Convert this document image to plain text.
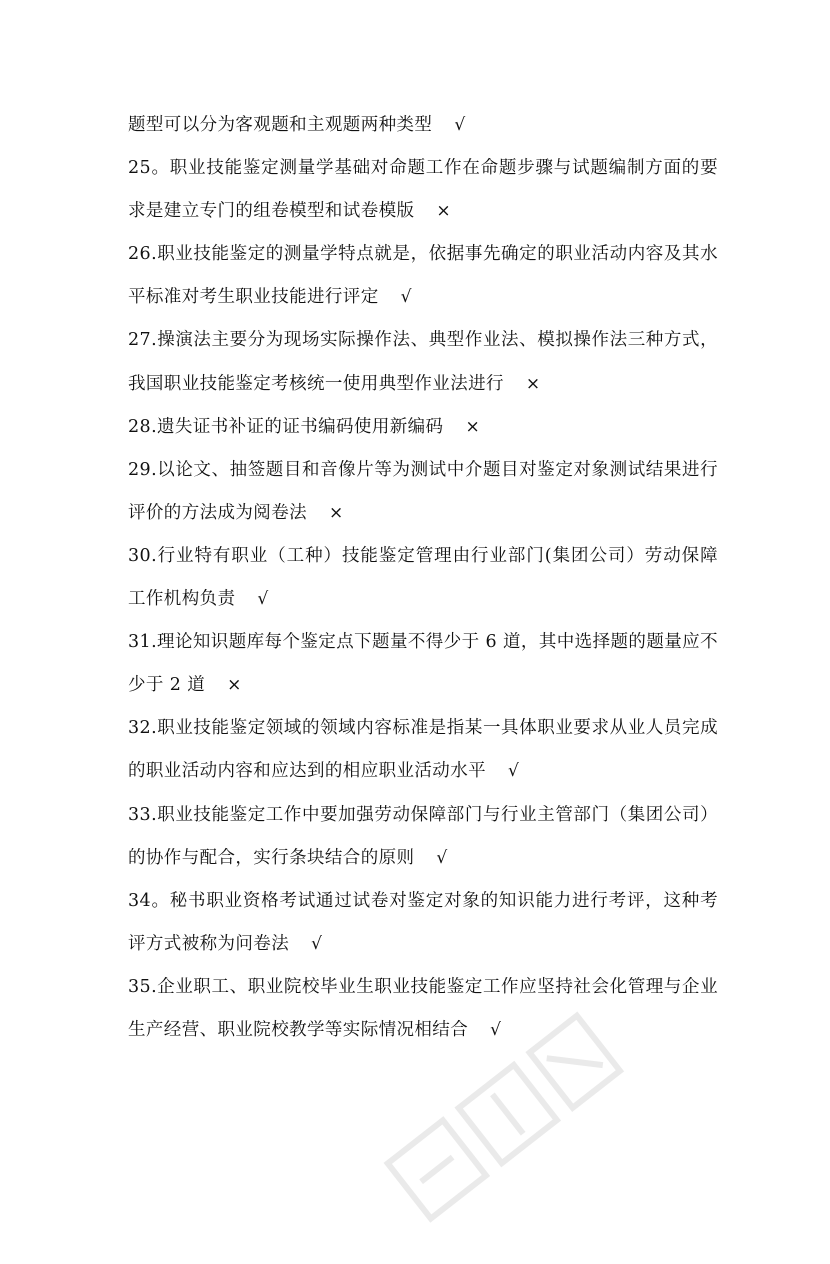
题型可以分为客观题和主观题两种类型 √

25。职业技能鉴定测量学基础对命题工作在命题步骤与试题编制方面的要求是建立专门的组卷模型和试卷模版 ×

26.职业技能鉴定的测量学特点就是，依据事先确定的职业活动内容及其水平标准对考生职业技能进行评定 √

27.操演法主要分为现场实际操作法、典型作业法、模拟操作法三种方式，我国职业技能鉴定考核统一使用典型作业法进行 ×

28.遗失证书补证的证书编码使用新编码 ×

29.以论文、抽签题目和音像片等为测试中介题目对鉴定对象测试结果进行评价的方法成为阅卷法 ×

30.行业特有职业（工种）技能鉴定管理由行业部门(集团公司）劳动保障工作机构负责 √

31.理论知识题库每个鉴定点下题量不得少于 6 道，其中选择题的题量应不少于 2 道 ×

32.职业技能鉴定领域的领域内容标准是指某一具体职业要求从业人员完成的职业活动内容和应达到的相应职业活动水平 √

33.职业技能鉴定工作中要加强劳动保障部门与行业主管部门（集团公司）的协作与配合，实行条块结合的原则 √

34。秘书职业资格考试通过试卷对鉴定对象的知识能力进行考评，这种考评方式被称为问卷法 √

35.企业职工、职业院校毕业生职业技能鉴定工作应坚持社会化管理与企业生产经营、职业院校教学等实际情况相结合 √
